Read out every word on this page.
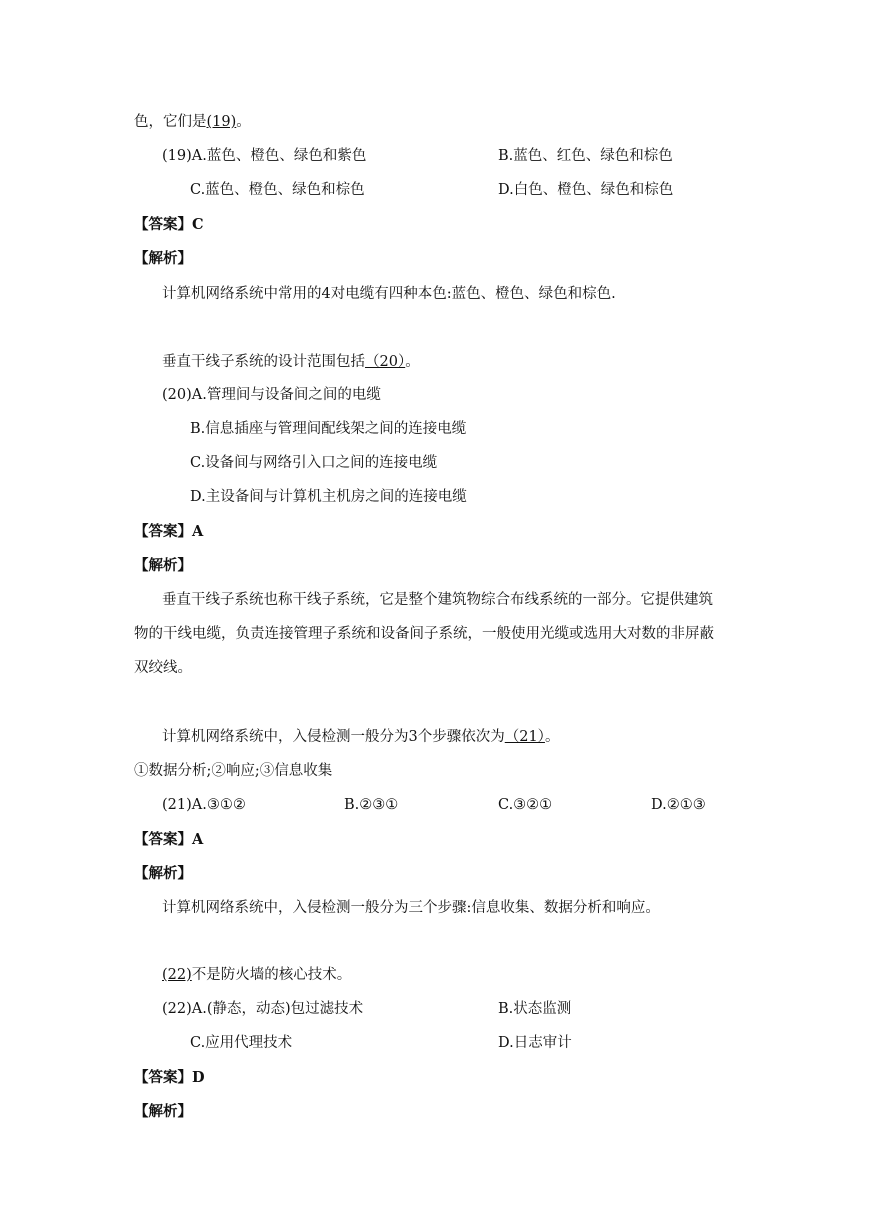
色，它们是(19)。
(19)A.蓝色、橙色、绿色和紫色	B.蓝色、红色、绿色和棕色
C.蓝色、橙色、绿色和棕色	D.白色、橙色、绿色和棕色
【答案】C
【解析】
计算机网络系统中常用的4对电缆有四种本色:蓝色、橙色、绿色和棕色.
垂直干线子系统的设计范围包括（20）。
(20)A.管理间与设备间之间的电缆
B.信息插座与管理间配线架之间的连接电缆
C.设备间与网络引入口之间的连接电缆
D.主设备间与计算机主机房之间的连接电缆
【答案】A
【解析】
垂直干线子系统也称干线子系统，它是整个建筑物综合布线系统的一部分。它提供建筑
物的干线电缆，负责连接管理子系统和设备间子系统，一般使用光缆或选用大对数的非屏蔽
双绞线。
计算机网络系统中，入侵检测一般分为3个步骤依次为（21）。
①数据分析;②响应;③信息收集
(21)A.③①②	B.②③①	C.③②①	D.②①③
【答案】A
【解析】
计算机网络系统中，入侵检测一般分为三个步骤:信息收集、数据分析和响应。
(22)不是防火墙的核心技术。
(22)A.(静态，动态)包过滤技术	B.状态监测
C.应用代理技术	D.日志审计
【答案】D
【解析】
